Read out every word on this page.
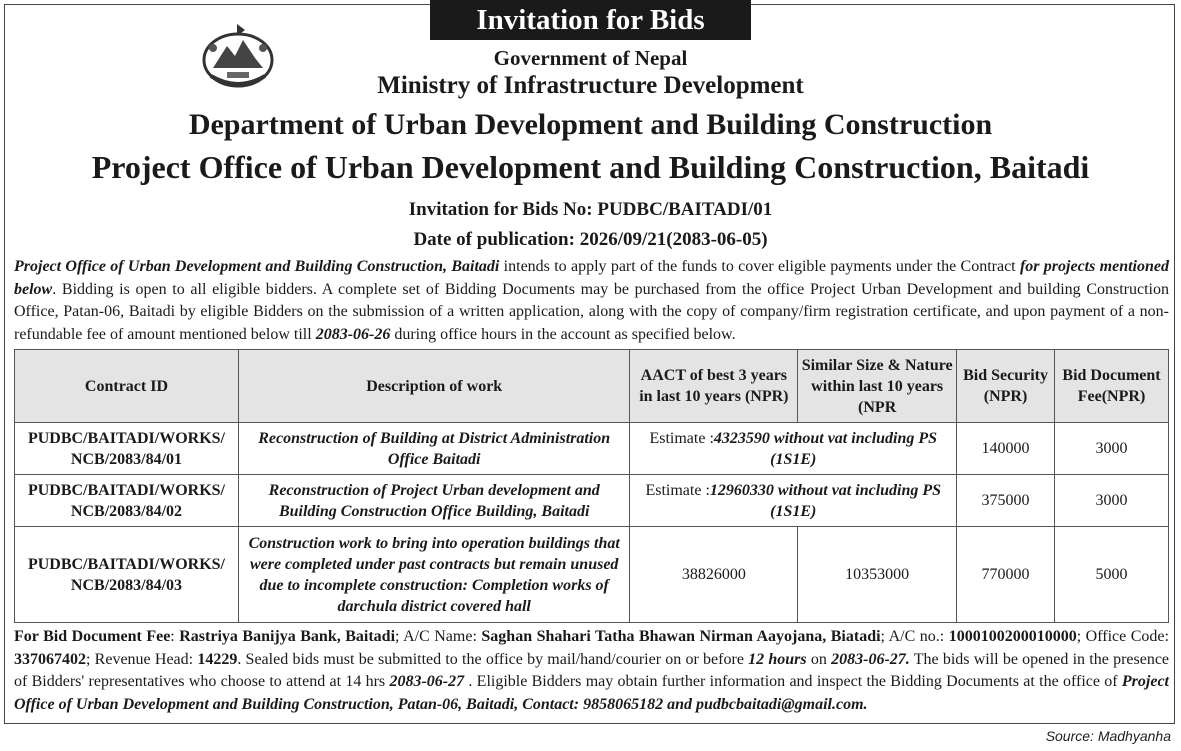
Invitation for Bids
Government of Nepal
Ministry of Infrastructure Development
Department of Urban Development and Building Construction
Project Office of Urban Development and Building Construction, Baitadi
Invitation for Bids No: PUDBC/BAITADI/01
Date of publication: 2026/09/21(2083-06-05)
Project Office of Urban Development and Building Construction, Baitadi intends to apply part of the funds to cover eligible payments under the Contract for projects mentioned below. Bidding is open to all eligible bidders. A complete set of Bidding Documents may be purchased from the office Project Urban Development and building Construction Office, Patan-06, Baitadi by eligible Bidders on the submission of a written application, along with the copy of company/firm registration certificate, and upon payment of a non-refundable fee of amount mentioned below till 2083-06-26 during office hours in the account as specified below.
Contract ID	Description of work	AACT of best 3 years in last 10 years (NPR)	Similar Size & Nature within last 10 years (NPR	Bid Security (NPR)	Bid Document Fee(NPR)
PUDBC/BAITADI/WORKS/ NCB/2083/84/01	Reconstruction of Building at District Administration Office Baitadi	Estimate :4323590 without vat including PS (1S1E)		140000	3000
PUDBC/BAITADI/WORKS/ NCB/2083/84/02	Reconstruction of Project Urban development and Building Construction Office Building, Baitadi	Estimate :12960330 without vat including PS (1S1E)		375000	3000
PUDBC/BAITADI/WORKS/ NCB/2083/84/03	Construction work to bring into operation buildings that were completed under past contracts but remain unused due to incomplete construction: Completion works of darchula district covered hall	38826000	10353000	770000	5000
For Bid Document Fee: Rastriya Banijya Bank, Baitadi; A/C Name: Saghan Shahari Tatha Bhawan Nirman Aayojana, Biatadi; A/C no.: 1000100200010000; Office Code: 337067402; Revenue Head: 14229. Sealed bids must be submitted to the office by mail/hand/courier on or before 12 hours on 2083-06-27. The bids will be opened in the presence of Bidders' representatives who choose to attend at 14 hrs 2083-06-27 . Eligible Bidders may obtain further information and inspect the Bidding Documents at the office of Project Office of Urban Development and Building Construction, Patan-06, Baitadi, Contact: 9858065182 and pudbcbaitadi@gmail.com.
Source: Madhyanha
